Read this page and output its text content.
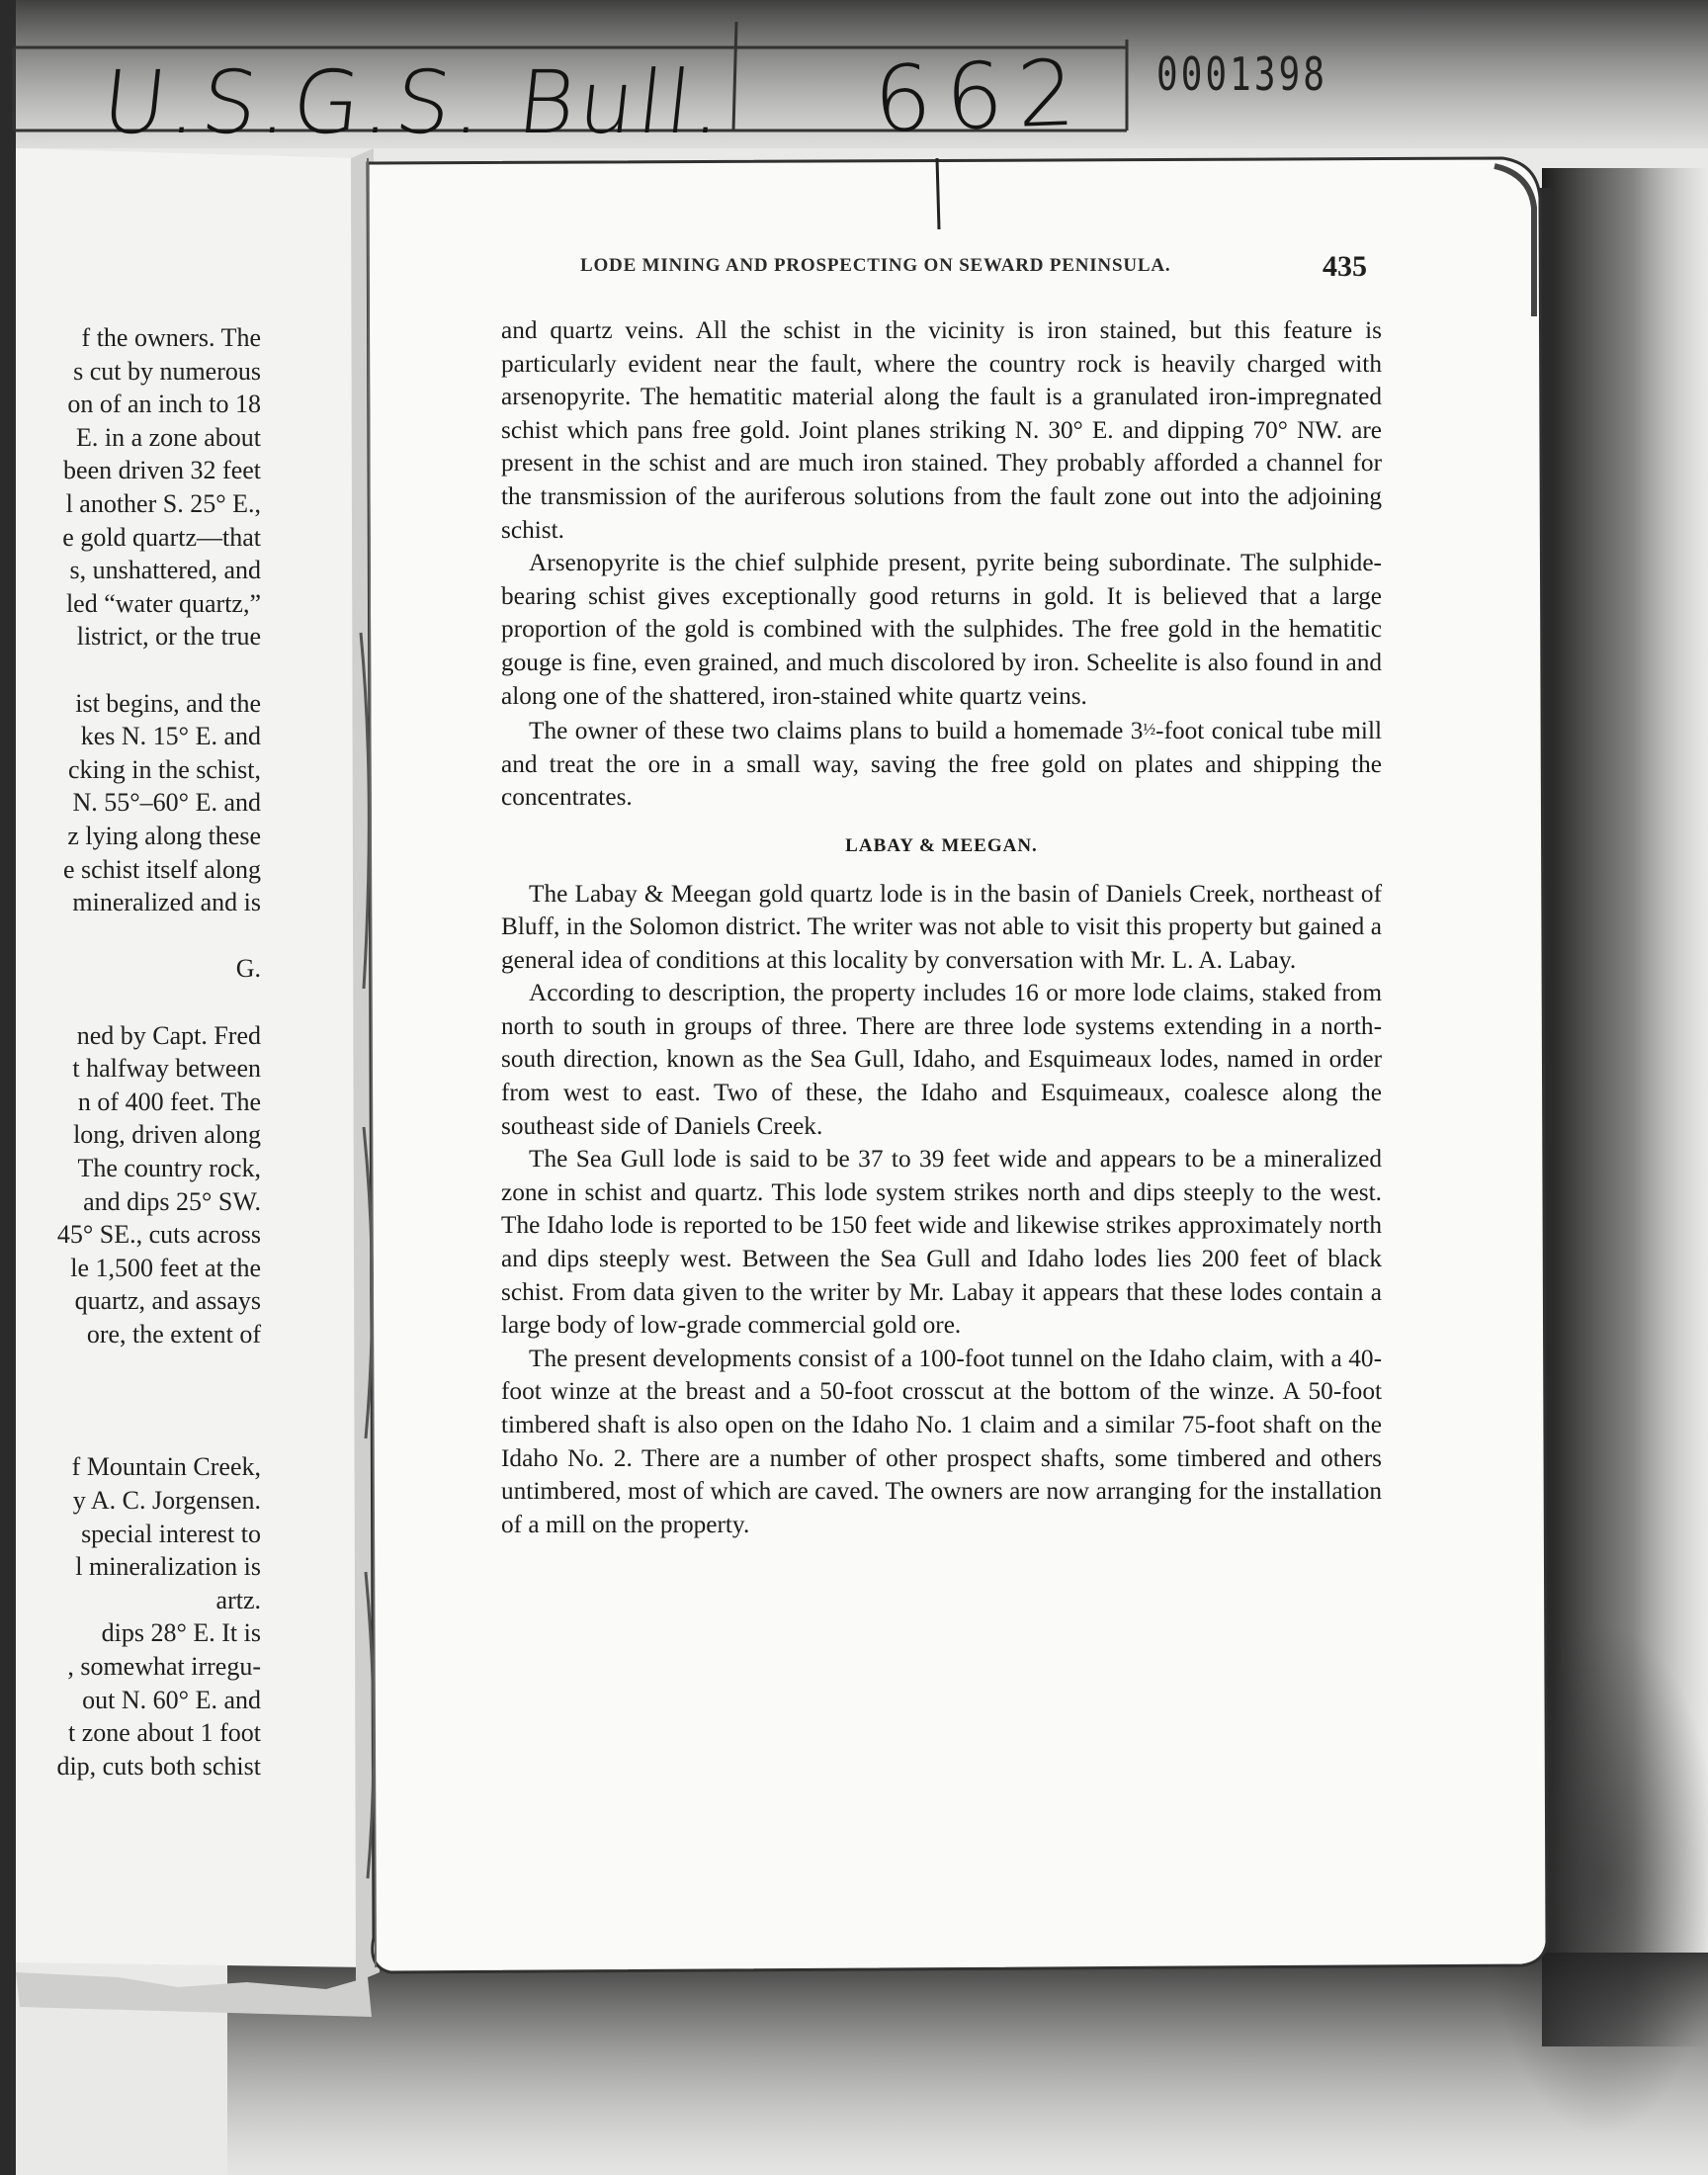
U.S.G.S. Bull. 662 0001398
f the owners. The
s cut by numerous
on of an inch to 18
E. in a zone about
been driven 32 feet
l another S. 25° E.,
e gold quartz—that
s, unshattered, and
led “water quartz,”
listrict, or the true
ist begins, and the
kes N. 15° E. and
cking in the schist,
N. 55°–60° E. and
z lying along these
e schist itself along
mineralized and is
G.
ned by Capt. Fred
t halfway between
n of 400 feet. The
long, driven along
The country rock,
and dips 25° SW.
45° SE., cuts across
le 1,500 feet at the
quartz, and assays
ore, the extent of
f Mountain Creek,
y A. C. Jorgensen.
special interest to
l mineralization is
artz.
dips 28° E. It is
, somewhat irregu-
out N. 60° E. and
t zone about 1 foot
dip, cuts both schist
LODE MINING AND PROSPECTING ON SEWARD PENINSULA.	435

and quartz veins. All the schist in the vicinity is iron stained, but this feature is particularly evident near the fault, where the country rock is heavily charged with arsenopyrite. The hematitic material along the fault is a granulated iron-impregnated schist which pans free gold. Joint planes striking N. 30° E. and dipping 70° NW. are present in the schist and are much iron stained. They probably afforded a channel for the transmission of the auriferous solutions from the fault zone out into the adjoining schist.

Arsenopyrite is the chief sulphide present, pyrite being subordinate. The sulphide-bearing schist gives exceptionally good returns in gold. It is believed that a large proportion of the gold is combined with the sulphides. The free gold in the hematitic gouge is fine, even grained, and much discolored by iron. Scheelite is also found in and along one of the shattered, iron-stained white quartz veins.

The owner of these two claims plans to build a homemade 3½-foot conical tube mill and treat the ore in a small way, saving the free gold on plates and shipping the concentrates.

LABAY & MEEGAN.

The Labay & Meegan gold quartz lode is in the basin of Daniels Creek, northeast of Bluff, in the Solomon district. The writer was not able to visit this property but gained a general idea of conditions at this locality by conversation with Mr. L. A. Labay.

According to description, the property includes 16 or more lode claims, staked from north to south in groups of three. There are three lode systems extending in a north-south direction, known as the Sea Gull, Idaho, and Esquimeaux lodes, named in order from west to east. Two of these, the Idaho and Esquimeaux, coalesce along the southeast side of Daniels Creek.

The Sea Gull lode is said to be 37 to 39 feet wide and appears to be a mineralized zone in schist and quartz. This lode system strikes north and dips steeply to the west. The Idaho lode is reported to be 150 feet wide and likewise strikes approximately north and dips steeply west. Between the Sea Gull and Idaho lodes lies 200 feet of black schist. From data given to the writer by Mr. Labay it appears that these lodes contain a large body of low-grade commercial gold ore.

The present developments consist of a 100-foot tunnel on the Idaho claim, with a 40-foot winze at the breast and a 50-foot crosscut at the bottom of the winze. A 50-foot timbered shaft is also open on the Idaho No. 1 claim and a similar 75-foot shaft on the Idaho No. 2. There are a number of other prospect shafts, some timbered and others untimbered, most of which are caved. The owners are now arranging for the installation of a mill on the property.
